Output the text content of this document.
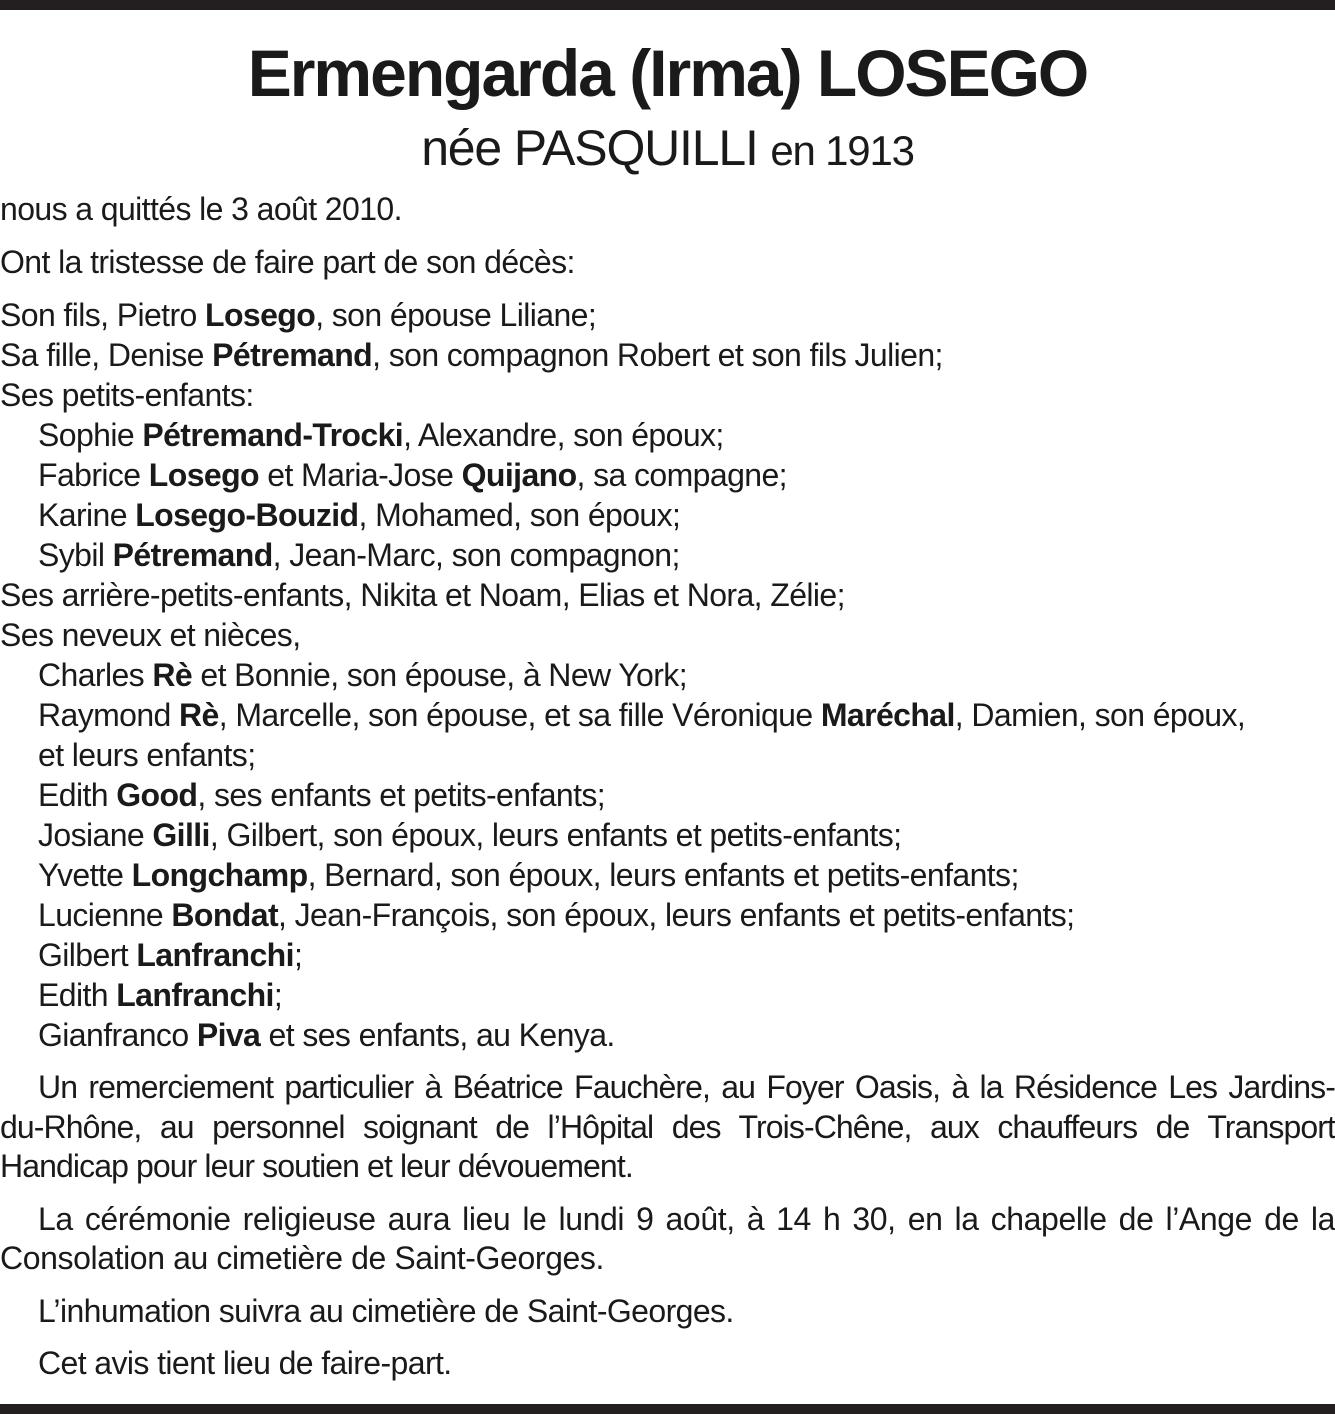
Ermengarda (Irma) LOSEGO

née PASQUILLI en 1913

nous a quittés le 3 août 2010.

Ont la tristesse de faire part de son décès:

Son fils, Pietro Losego, son épouse Liliane;

Sa fille, Denise Pétremand, son compagnon Robert et son fils Julien;

Ses petits-enfants:

Sophie Pétremand-Trocki, Alexandre, son époux;

Fabrice Losego et Maria-Jose Quijano, sa compagne;

Karine Losego-Bouzid, Mohamed, son époux;

Sybil Pétremand, Jean-Marc, son compagnon;

Ses arrière-petits-enfants, Nikita et Noam, Elias et Nora, Zélie;

Ses neveux et nièces,

Charles Rè et Bonnie, son épouse, à New York;

Raymond Rè, Marcelle, son épouse, et sa fille Véronique Maréchal, Damien, son époux,

et leurs enfants;

Edith Good, ses enfants et petits-enfants;

Josiane Gilli, Gilbert, son époux, leurs enfants et petits-enfants;

Yvette Longchamp, Bernard, son époux, leurs enfants et petits-enfants;

Lucienne Bondat, Jean-François, son époux, leurs enfants et petits-enfants;

Gilbert Lanfranchi;

Edith Lanfranchi;

Gianfranco Piva et ses enfants, au Kenya.

Un remerciement particulier à Béatrice Fauchère, au Foyer Oasis, à la Résidence Les Jardins-du-Rhône, au personnel soignant de l’Hôpital des Trois-Chêne, aux chauffeurs de Transport Handicap pour leur soutien et leur dévouement.

La cérémonie religieuse aura lieu le lundi 9 août, à 14 h 30, en la chapelle de l’Ange de la Consolation au cimetière de Saint-Georges.

L’inhumation suivra au cimetière de Saint-Georges.

Cet avis tient lieu de faire-part.
